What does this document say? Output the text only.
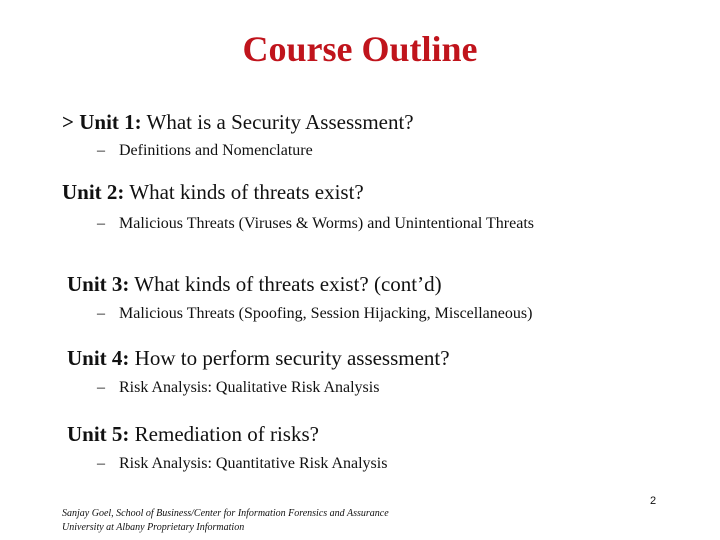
Course Outline
> Unit 1: What is a Security Assessment?
– Definitions and Nomenclature
Unit 2: What kinds of threats exist?
– Malicious Threats (Viruses & Worms) and Unintentional Threats
Unit 3: What kinds of threats exist? (cont’d)
– Malicious Threats (Spoofing, Session Hijacking, Miscellaneous)
Unit 4: How to perform security assessment?
– Risk Analysis: Qualitative Risk Analysis
Unit 5: Remediation of risks?
– Risk Analysis: Quantitative Risk Analysis
Sanjay Goel, School of Business/Center for Information Forensics and Assurance
University at Albany Proprietary Information
2
